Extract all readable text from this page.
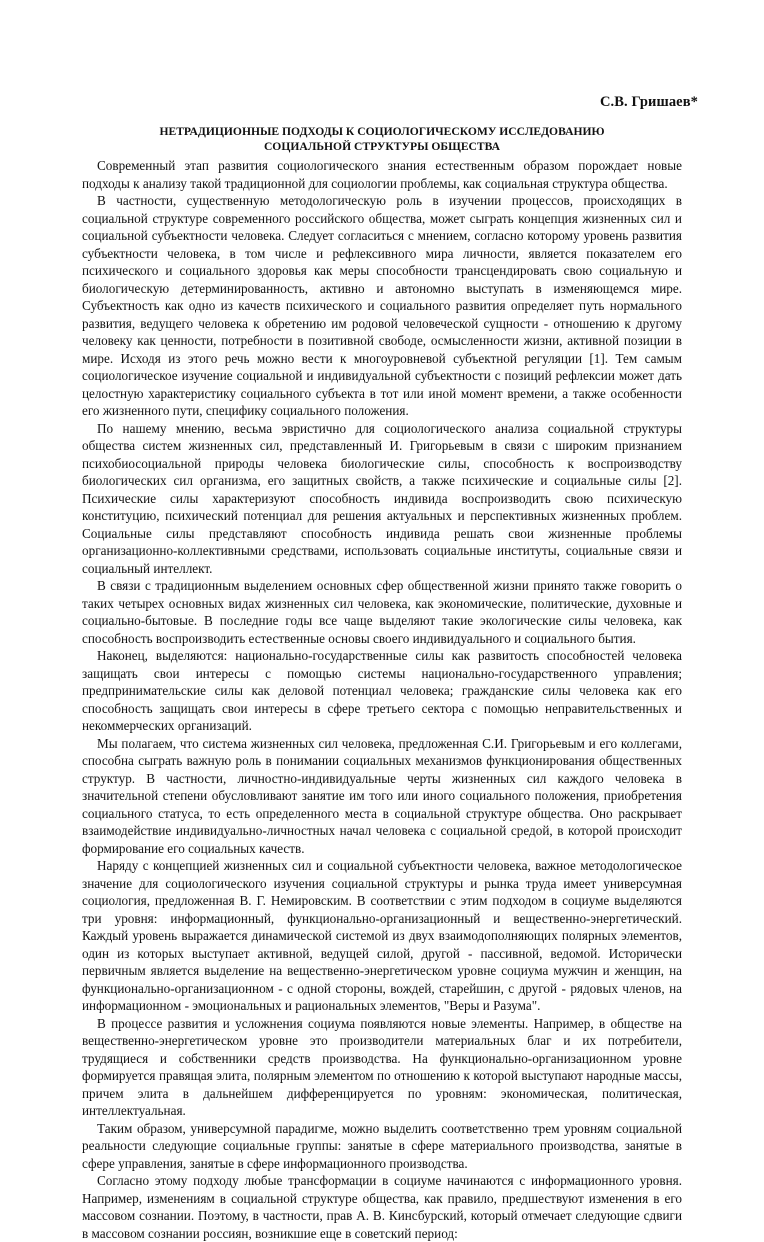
С.В. Гришаев*
НЕТРАДИЦИОННЫЕ ПОДХОДЫ К СОЦИОЛОГИЧЕСКОМУ ИССЛЕДОВАНИЮ
СОЦИАЛЬНОЙ СТРУКТУРЫ ОБЩЕСТВА

Современный этап развития социологического знания естественным образом порождает новые подходы к анализу такой традиционной для социологии проблемы, как социальная структура общества.

В частности, существенную методологическую роль в изучении процессов, происходящих в социальной структуре современного российского общества, может сыграть концепция жизненных сил и социальной субъектности человека. Следует согласиться с мнением, согласно которому уровень развития субъектности человека, в том числе и рефлексивного мира личности, является показателем его психического и социального здоровья как меры способности трансцендировать свою социальную и биологическую детерминированность, активно и автономно выступать в изменяющемся мире. Субъектность как одно из качеств психического и социального развития определяет путь нормального развития, ведущего человека к обретению им родовой человеческой сущности - отношению к другому человеку как ценности, потребности в позитивной свободе, осмысленности жизни, активной позиции в мире. Исходя из этого речь можно вести к многоуровневой субъектной регуляции [1]. Тем самым социологическое изучение социальной и индивидуальной субъектности с позиций рефлексии может дать целостную характеристику социального субъекта в тот или иной момент времени, а также особенности его жизненного пути, специфику социального положения.

По нашему мнению, весьма эвристично для социологического анализа социальной структуры общества систем жизненных сил, представленный И. Григорьевым в связи с широким признанием психобиосоциальной природы человека биологические силы, способность к воспроизводству биологических сил организма, его защитных свойств, а также психические и социальные силы [2]. Психические силы характеризуют способность индивида воспроизводить свою психическую конституцию, психический потенциал для решения актуальных и перспективных жизненных проблем. Социальные силы представляют способность индивида решать свои жизненные проблемы организационно-коллективными средствами, использовать социальные институты, социальные связи и социальный интеллект.

В связи с традиционным выделением основных сфер общественной жизни принято также говорить о таких четырех основных видах жизненных сил человека, как экономические, политические, духовные и социально-бытовые. В последние годы все чаще выделяют такие экологические силы человека, как способность воспроизводить естественные основы своего индивидуального и социального бытия.

Наконец, выделяются: национально-государственные силы как развитость способностей человека защищать свои интересы с помощью системы национально-государственного управления; предпринимательские силы как деловой потенциал человека; гражданские силы человека как его способность защищать свои интересы в сфере третьего сектора с помощью неправительственных и некоммерческих организаций.

Мы полагаем, что система жизненных сил человека, предложенная С.И. Григорьевым и его коллегами, способна сыграть важную роль в понимании социальных механизмов функционирования общественных структур. В частности, личностно-индивидуальные черты жизненных сил каждого человека в значительной степени обусловливают занятие им того или иного социального положения, приобретения социального статуса, то есть определенного места в социальной структуре общества. Оно раскрывает взаимодействие индивидуально-личностных начал человека с социальной средой, в которой происходит формирование его социальных качеств.

Наряду с концепцией жизненных сил и социальной субъектности человека, важное методологическое значение для социологического изучения социальной структуры и рынка труда имеет универсумная социология, предложенная В. Г. Немировским. В соответствии с этим подходом в социуме выделяются три уровня: информационный, функционально-организационный и вещественно-энергетический. Каждый уровень выражается динамической системой из двух взаимодополняющих полярных элементов, один из которых выступает активной, ведущей силой, другой - пассивной, ведомой. Исторически первичным является выделение на вещественно-энергетическом уровне социума мужчин и женщин, на функционально-организационном - с одной стороны, вождей, старейшин, с другой - рядовых членов, на информационном - эмоциональных и рациональных элементов, "Веры и Разума".

В процессе развития и усложнения социума появляются новые элементы. Например, в обществе на вещественно-энергетическом уровне это производители материальных благ и их потребители, трудящиеся и собственники средств производства. На функционально-организационном уровне формируется правящая элита, полярным элементом по отношению к которой выступают народные массы, причем элита в дальнейшем дифференцируется по уровням: экономическая, политическая, интеллектуальная.

Таким образом, универсумной парадигме, можно выделить соответственно трем уровням социальной реальности следующие социальные группы: занятые в сфере материального производства, занятые в сфере управления, занятые в сфере информационного производства.

Согласно этому подходу любые трансформации в социуме начинаются с информационного уровня. Например, изменениям в социальной структуре общества, как правило, предшествуют изменения в его массовом сознании. Поэтому, в частности, прав А. В. Кинсбурский, который отмечает следующие сдвиги в массовом сознании россиян, возникшие еще в советский период:
